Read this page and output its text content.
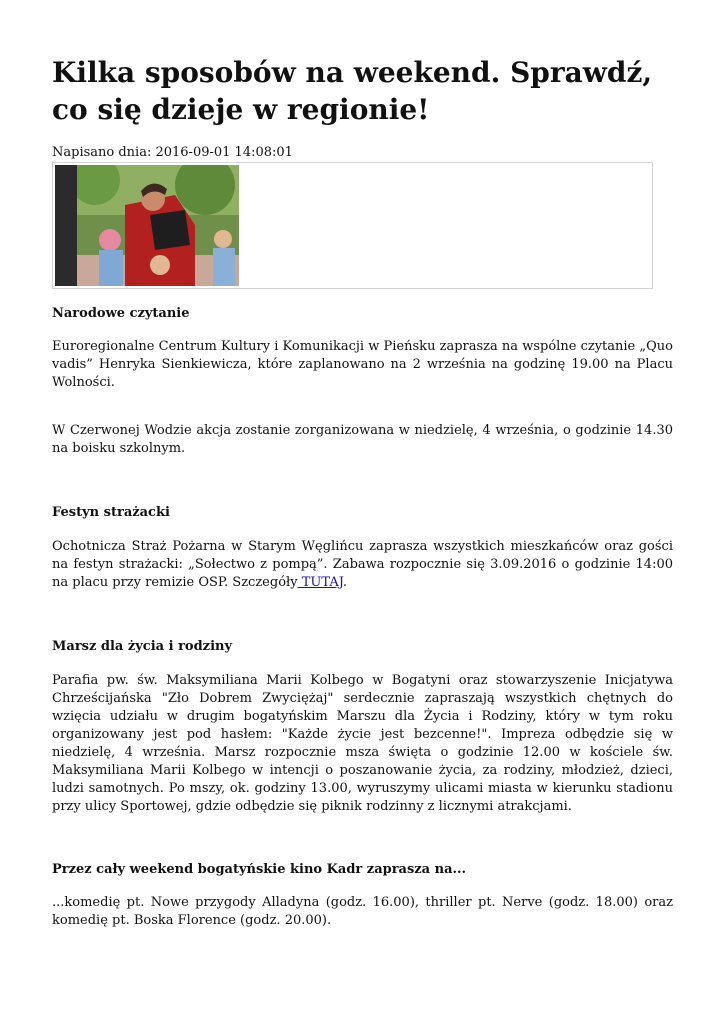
Kilka sposobów na weekend. Sprawdź, co się dzieje w regionie!
Napisano dnia: 2016-09-01 14:08:01
Narodowe czytanie

Euroregionalne Centrum Kultury i Komunikacji w Pieńsku zaprasza na wspólne czytanie „Quo vadis” Henryka Sienkiewicza, które zaplanowano na 2 września na godzinę 19.00 na Placu Wolności.

W Czerwonej Wodzie akcja zostanie zorganizowana w niedzielę, 4 września, o godzinie 14.30 na boisku szkolnym.

Festyn strażacki

Ochotnicza Straż Pożarna w Starym Węglińcu zaprasza wszystkich mieszkańców oraz gości na festyn strażacki: „Sołectwo z pompą”. Zabawa rozpocznie się 3.09.2016 o godzinie 14:00 na placu przy remizie OSP. Szczegóły TUTAJ.

Marsz dla życia i rodziny

Parafia pw. św. Maksymiliana Marii Kolbego w Bogatyni oraz stowarzyszenie Inicjatywa Chrześcijańska "Zło Dobrem Zwyciężaj" serdecznie zapraszają wszystkich chętnych do wzięcia udziału w drugim bogatyńskim Marszu dla Życia i Rodziny, który w tym roku organizowany jest pod hasłem: "Każde życie jest bezcenne!". Impreza odbędzie się w niedzielę, 4 września. Marsz rozpocznie msza święta o godzinie 12.00 w kościele św. Maksymiliana Marii Kolbego w intencji o poszanowanie życia, za rodziny, młodzież, dzieci, ludzi samotnych. Po mszy, ok. godziny 13.00, wyruszymy ulicami miasta w kierunku stadionu przy ulicy Sportowej, gdzie odbędzie się piknik rodzinny z licznymi atrakcjami.

Przez cały weekend bogatyńskie kino Kadr zaprasza na...

...komedię pt. Nowe przygody Alladyna (godz. 16.00), thriller pt. Nerve (godz. 18.00) oraz komedię pt. Boska Florence (godz. 20.00).
